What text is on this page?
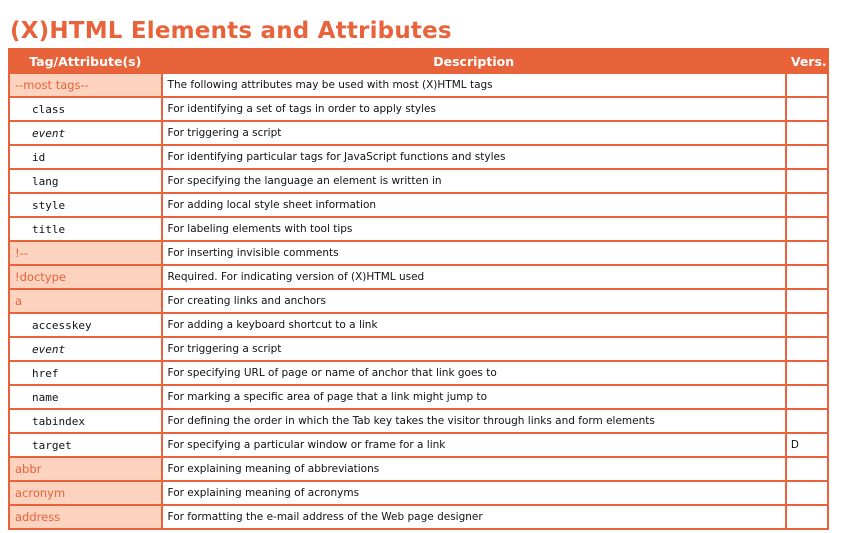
(X)HTML Elements and Attributes
Tag/Attribute(s)	Description	Vers.
--most tags--	The following attributes may be used with most (X)HTML tags	
class	For identifying a set of tags in order to apply styles	
event	For triggering a script	
id	For identifying particular tags for JavaScript functions and styles	
lang	For specifying the language an element is written in	
style	For adding local style sheet information	
title	For labeling elements with tool tips	
!--	For inserting invisible comments	
!doctype	Required. For indicating version of (X)HTML used	
a	For creating links and anchors	
accesskey	For adding a keyboard shortcut to a link	
event	For triggering a script	
href	For specifying URL of page or name of anchor that link goes to	
name	For marking a specific area of page that a link might jump to	
tabindex	For defining the order in which the Tab key takes the visitor through links and form elements	
target	For specifying a particular window or frame for a link	D
abbr	For explaining meaning of abbreviations	
acronym	For explaining meaning of acronyms	
address	For formatting the e-mail address of the Web page designer	
